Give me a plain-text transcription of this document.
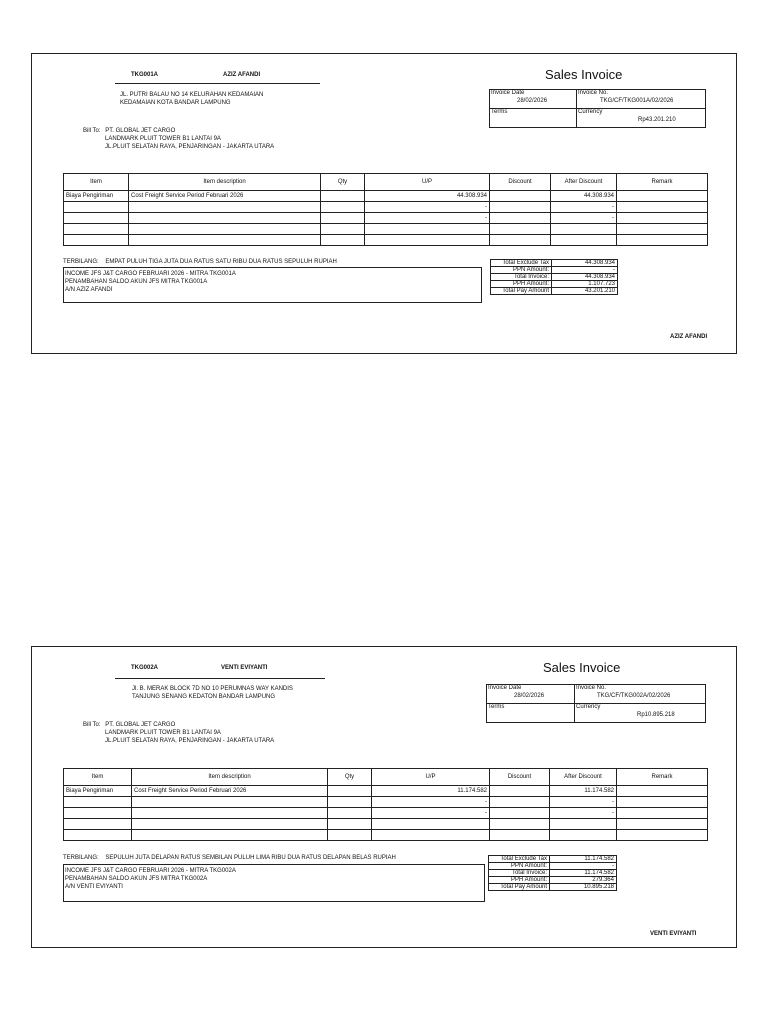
TKG001A	AZIZ AFANDI
JL. PUTRI BALAU NO 14 KELURAHAN KEDAMAIAN
KEDAMAIAN KOTA BANDAR LAMPUNG
Sales Invoice
Invoice Date
28/02/2026
Invoice No.
TKG/CF/TKG001A/02/2026
Terms	Currency
Rp43.201.210
Bill To: PT. GLOBAL JET CARGO
LANDMARK PLUIT TOWER B1 LANTAI 9A
JL.PLUIT SELATAN RAYA, PENJARINGAN - JAKARTA UTARA
Item	Item description	Qty	U/P	Discount	After Discount	Remark
Biaya Pengiriman	Cost Freight Service Period Februari 2026		44.308.934		44.308.934	
			-		-	
			-		-	

TERBILANG: EMPAT PULUH TIGA JUTA DUA RATUS SATU RIBU DUA RATUS SEPULUH RUPIAH
INCOME JFS J&T CARGO FEBRUARI 2026 - MITRA TKG001A
PENAMBAHAN SALDO AKUN JFS MITRA TKG001A
A/N AZIZ AFANDI
Total Exclude Tax	44.308.934
PPN Amount:	-
Total Invoice:	44.308.934
PPH Amount:	1.107.723
Total Pay Amount	43.201.210
AZIZ AFANDI
TKG002A	VENTI EVIYANTI
Jl. B. MERAK BLOCK 7D NO 10 PERUMNAS WAY KANDIS
TANJUNG SENANG KEDATON BANDAR LAMPUNG
Sales Invoice
Invoice Date
28/02/2026
Invoice No.
TKG/CF/TKG002A/02/2026
Terms	Currency
Rp10.895.218
Bill To: PT. GLOBAL JET CARGO
LANDMARK PLUIT TOWER B1 LANTAI 9A
JL.PLUIT SELATAN RAYA, PENJARINGAN - JAKARTA UTARA
Item	Item description	Qty	U/P	Discount	After Discount	Remark
Biaya Pengiriman	Cost Freight Service Period Februari 2026		11.174.582		11.174.582	
			-		-	
			-		-	

TERBILANG: SEPULUH JUTA DELAPAN RATUS SEMBILAN PULUH LIMA RIBU DUA RATUS DELAPAN BELAS RUPIAH
INCOME JFS J&T CARGO FEBRUARI 2026 - MITRA TKG002A
PENAMBAHAN SALDO AKUN JFS MITRA TKG002A
A/N VENTI EVIYANTI
Total Exclude Tax	11.174.582
PPN Amount:	-
Total Invoice:	11.174.582
PPH Amount:	279.364
Total Pay Amount	10.895.218
VENTI EVIYANTI
